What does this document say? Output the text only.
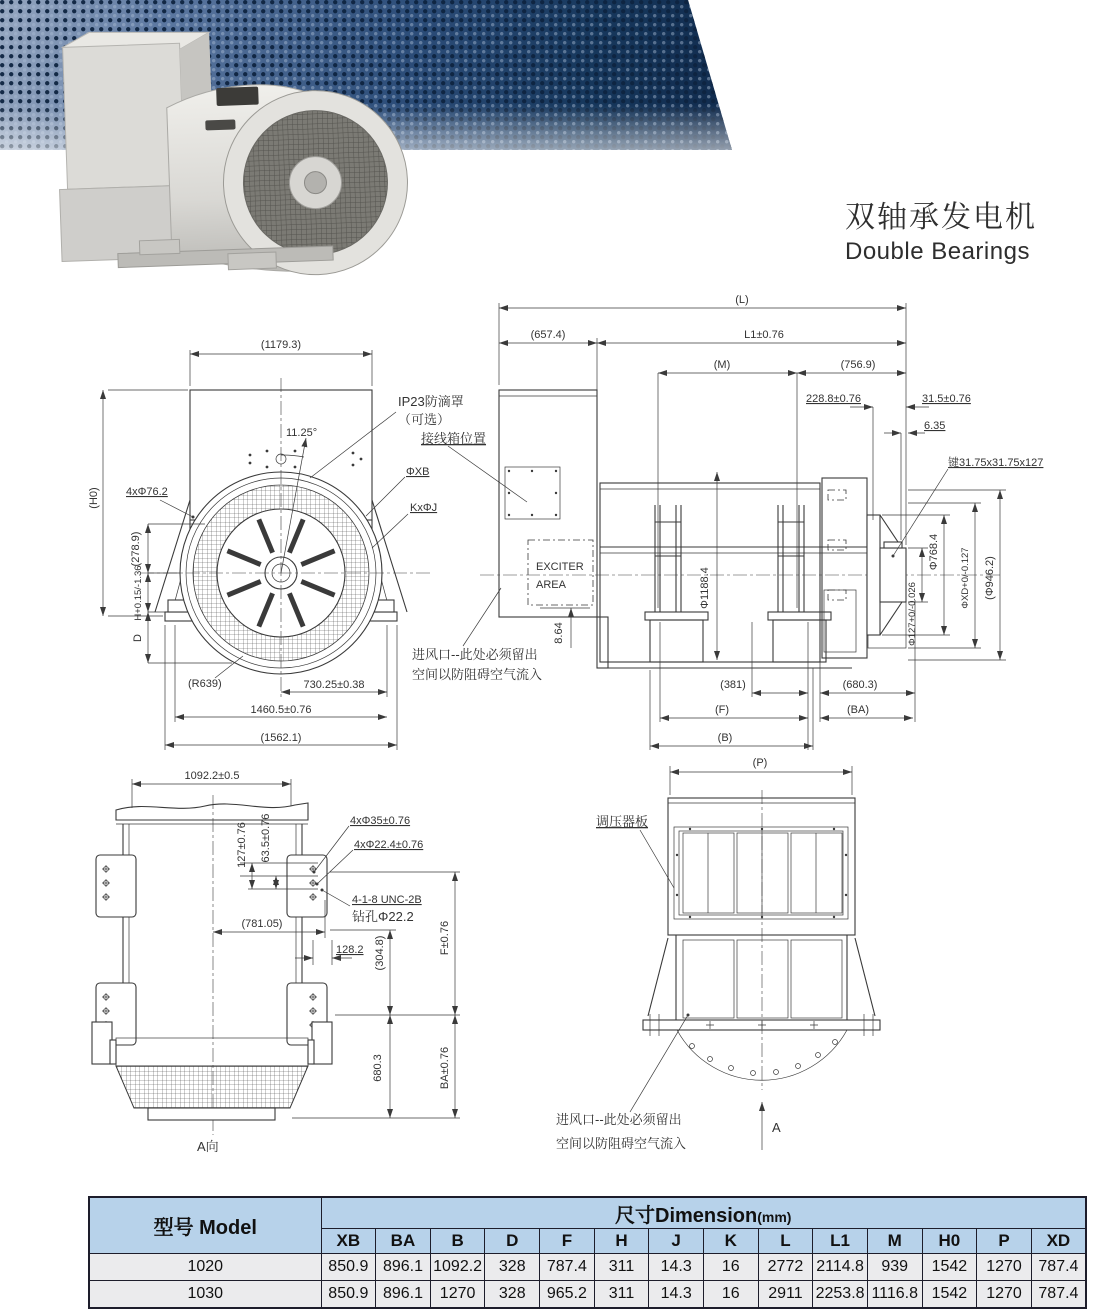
双轴承发电机
Double Bearings
(1179.3)
(H0)
11.25°
4xΦ76.2
(278.9)
H+0.15/-1.36
D
(R639)	730.25±0.38
1460.5±0.76
(1562.1)
IP23防滴罩
（可选）
接线箱位置
ΦXB
KxΦJ
进风口--此处必须留出
空间以防阻碍空气流入
EXCITER
AREA
(L)
(657.4)	L1±0.76
(M)	(756.9)
228.8±0.76	31.5±0.76
6.35
键31.75x31.75x127
8.64
Φ1188.4
Φ768.4 ΦXD+0/-0.127 (Φ946.2)
Φ127+0/-0.026
(381)	(680.3)
(F)	(BA)
(B)
1092.2±0.5
127±0.76 63.5±0.76	4xΦ35±0.76
4xΦ22.4±0.76
4-1-8 UNC-2B
钻孔Φ22.2
(781.05)
128.2 (304.8)	F±0.76
680.3	BA±0.76
A向
(P)
调压器板
进风口--此处必须留出
空间以防阻碍空气流入
A
型号 Model	尺寸Dimension(mm)													
	XB	BA	B	D	F	H	J	K	L	L1	M	H0	P	XD
1020	850.9	896.1	1092.2	328	787.4	311	14.3	16	2772	2114.8	939	1542	1270	787.4
1030	850.9	896.1	1270	328	965.2	311	14.3	16	2911	2253.8	1116.8	1542	1270	787.4
